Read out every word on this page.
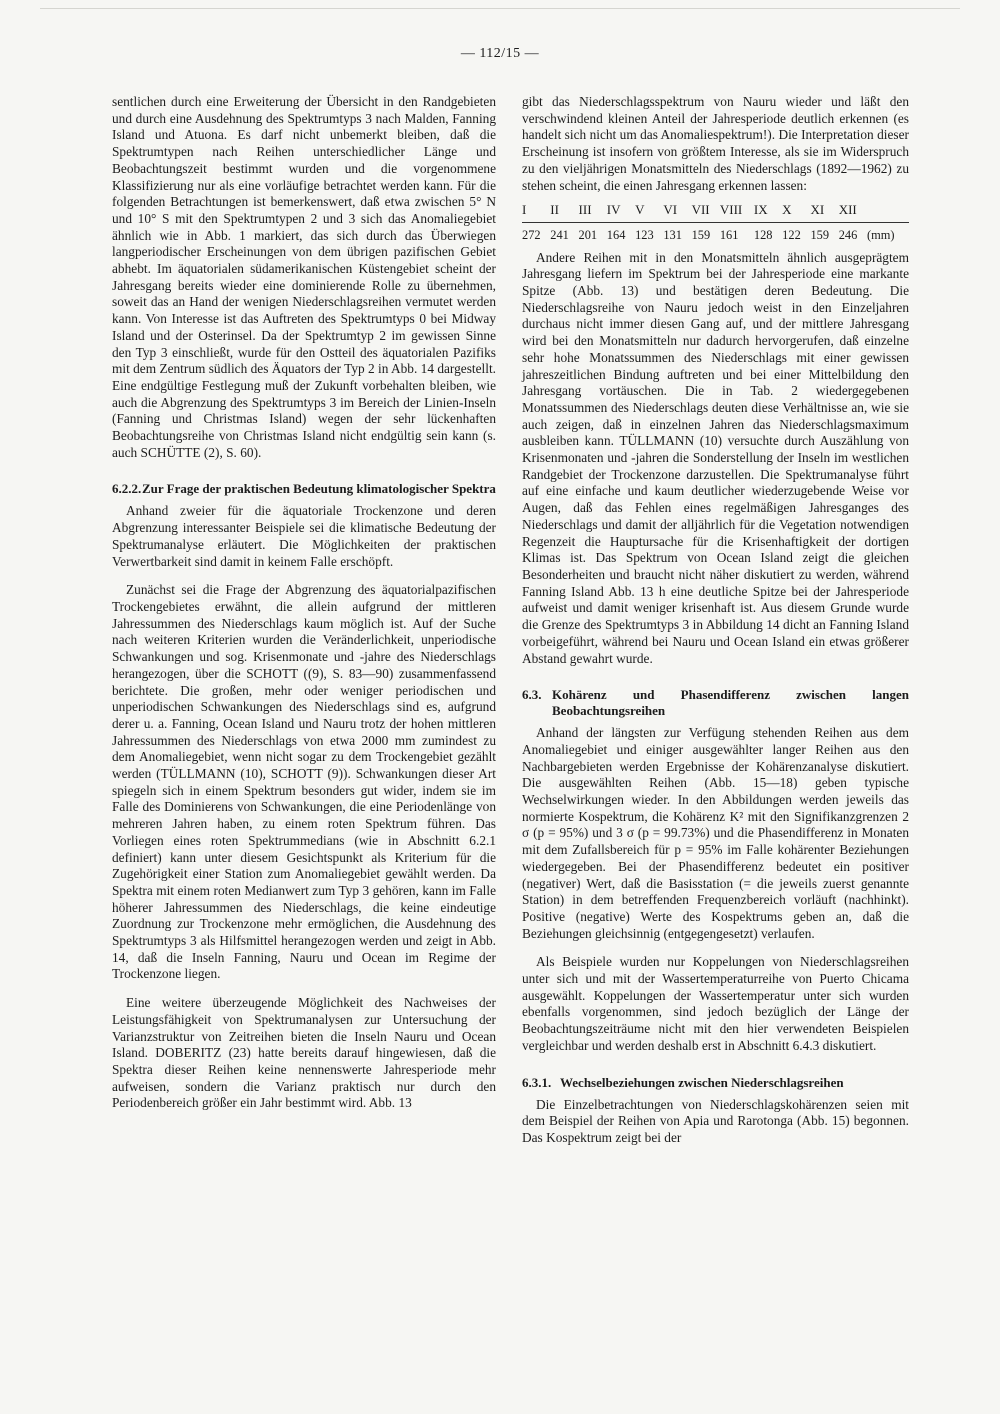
— 112/15 —

sentlichen durch eine Erweiterung der Übersicht in den Randgebieten und durch eine Ausdehnung des Spektrumtyps 3 nach Malden, Fanning Island und Atuona. Es darf nicht unbemerkt bleiben, daß die Spektrumtypen nach Reihen unterschiedlicher Länge und Beobachtungszeit bestimmt wurden und die vorgenommene Klassifizierung nur als eine vorläufige betrachtet werden kann. Für die folgenden Betrachtungen ist bemerkenswert, daß etwa zwischen 5° N und 10° S mit den Spektrumtypen 2 und 3 sich das Anomaliegebiet ähnlich wie in Abb. 1 markiert, das sich durch das Überwiegen langperiodischer Erscheinungen von dem übrigen pazifischen Gebiet abhebt. Im äquatorialen südamerikanischen Küstengebiet scheint der Jahresgang bereits wieder eine dominierende Rolle zu übernehmen, soweit das an Hand der wenigen Niederschlagsreihen vermutet werden kann. Von Interesse ist das Auftreten des Spektrumtyps 0 bei Midway Island und der Osterinsel. Da der Spektrumtyp 2 im gewissen Sinne den Typ 3 einschließt, wurde für den Ostteil des äquatorialen Pazifiks mit dem Zentrum südlich des Äquators der Typ 2 in Abb. 14 dargestellt. Eine endgültige Festlegung muß der Zukunft vorbehalten bleiben, wie auch die Abgrenzung des Spektrumtyps 3 im Bereich der Linien-Inseln (Fanning und Christmas Island) wegen der sehr lückenhaften Beobachtungsreihe von Christmas Island nicht endgültig sein kann (s. auch SCHÜTTE (2), S. 60).

6.2.2. Zur Frage der praktischen Bedeutung klimatologischer Spektra

Anhand zweier für die äquatoriale Trockenzone und deren Abgrenzung interessanter Beispiele sei die klimatische Bedeutung der Spektrumanalyse erläutert. Die Möglichkeiten der praktischen Verwertbarkeit sind damit in keinem Falle erschöpft.

Zunächst sei die Frage der Abgrenzung des äquatorialpazifischen Trockengebietes erwähnt, die allein aufgrund der mittleren Jahressummen des Niederschlags kaum möglich ist. Auf der Suche nach weiteren Kriterien wurden die Veränderlichkeit, unperiodische Schwankungen und sog. Krisenmonate und -jahre des Niederschlags herangezogen, über die SCHOTT ((9), S. 83—90) zusammenfassend berichtete. Die großen, mehr oder weniger periodischen und unperiodischen Schwankungen des Niederschlags sind es, aufgrund derer u. a. Fanning, Ocean Island und Nauru trotz der hohen mittleren Jahressummen des Niederschlags von etwa 2000 mm zumindest zu dem Anomaliegebiet, wenn nicht sogar zu dem Trockengebiet gezählt werden (TÜLLMANN (10), SCHOTT (9)). Schwankungen dieser Art spiegeln sich in einem Spektrum besonders gut wider, indem sie im Falle des Dominierens von Schwankungen, die eine Periodenlänge von mehreren Jahren haben, zu einem roten Spektrum führen. Das Vorliegen eines roten Spektrummedians (wie in Abschnitt 6.2.1 definiert) kann unter diesem Gesichtspunkt als Kriterium für die Zugehörigkeit einer Station zum Anomaliegebiet gewählt werden. Da Spektra mit einem roten Medianwert zum Typ 3 gehören, kann im Falle höherer Jahressummen des Niederschlags, die keine eindeutige Zuordnung zur Trockenzone mehr ermöglichen, die Ausdehnung des Spektrumtyps 3 als Hilfsmittel herangezogen werden und zeigt in Abb. 14, daß die Inseln Fanning, Nauru und Ocean im Regime der Trockenzone liegen.

Eine weitere überzeugende Möglichkeit des Nachweises der Leistungsfähigkeit von Spektrumanalysen zur Untersuchung der Varianzstruktur von Zeitreihen bieten die Inseln Nauru und Ocean Island. DOBERITZ (23) hatte bereits darauf hingewiesen, daß die Spektra dieser Reihen keine nennenswerte Jahresperiode mehr aufweisen, sondern die Varianz praktisch nur durch den Periodenbereich größer ein Jahr bestimmt wird. Abb. 13

gibt das Niederschlagsspektrum von Nauru wieder und läßt den verschwindend kleinen Anteil der Jahresperiode deutlich erkennen (es handelt sich nicht um das Anomaliespektrum!). Die Interpretation dieser Erscheinung ist insofern von größtem Interesse, als sie im Widerspruch zu den vieljährigen Monatsmitteln des Niederschlags (1892—1962) zu stehen scheint, die einen Jahresgang erkennen lassen:

I	II	III	IV	V	VI	VII	VIII	IX	X	XI	XII	
272	241	201	164	123	131	159	161	128	122	159	246	(mm)

Andere Reihen mit in den Monatsmitteln ähnlich ausgeprägtem Jahresgang liefern im Spektrum bei der Jahresperiode eine markante Spitze (Abb. 13) und bestätigen deren Bedeutung. Die Niederschlagsreihe von Nauru jedoch weist in den Einzeljahren durchaus nicht immer diesen Gang auf, und der mittlere Jahresgang wird bei den Monatsmitteln nur dadurch hervorgerufen, daß einzelne sehr hohe Monatssummen des Niederschlags mit einer gewissen jahreszeitlichen Bindung auftreten und bei einer Mittelbildung den Jahresgang vortäuschen. Die in Tab. 2 wiedergegebenen Monatssummen des Niederschlags deuten diese Verhältnisse an, wie sie auch zeigen, daß in einzelnen Jahren das Niederschlagsmaximum ausbleiben kann. TÜLLMANN (10) versuchte durch Auszählung von Krisenmonaten und -jahren die Sonderstellung der Inseln im westlichen Randgebiet der Trockenzone darzustellen. Die Spektrumanalyse führt auf eine einfache und kaum deutlicher wiederzugebende Weise vor Augen, daß das Fehlen eines regelmäßigen Jahresganges des Niederschlags und damit der alljährlich für die Vegetation notwendigen Regenzeit die Hauptursache für die Krisenhaftigkeit der dortigen Klimas ist. Das Spektrum von Ocean Island zeigt die gleichen Besonderheiten und braucht nicht näher diskutiert zu werden, während Fanning Island Abb. 13 h eine deutliche Spitze bei der Jahresperiode aufweist und damit weniger krisenhaft ist. Aus diesem Grunde wurde die Grenze des Spektrumtyps 3 in Abbildung 14 dicht an Fanning Island vorbeigeführt, während bei Nauru und Ocean Island ein etwas größerer Abstand gewahrt wurde.

6.3. Kohärenz und Phasendifferenz zwischen langen Beobachtungsreihen

Anhand der längsten zur Verfügung stehenden Reihen aus dem Anomaliegebiet und einiger ausgewählter langer Reihen aus den Nachbargebieten werden Ergebnisse der Kohärenzanalyse diskutiert. Die ausgewählten Reihen (Abb. 15—18) geben typische Wechselwirkungen wieder. In den Abbildungen werden jeweils das normierte Kospektrum, die Kohärenz K² mit den Signifikanzgrenzen 2 σ (p = 95%) und 3 σ (p = 99.73%) und die Phasendifferenz in Monaten mit dem Zufallsbereich für p = 95% im Falle kohärenter Beziehungen wiedergegeben. Bei der Phasendifferenz bedeutet ein positiver (negativer) Wert, daß die Basisstation (= die jeweils zuerst genannte Station) in dem betreffenden Frequenzbereich vorläuft (nachhinkt). Positive (negative) Werte des Kospektrums geben an, daß die Beziehungen gleichsinnig (entgegengesetzt) verlaufen.

Als Beispiele wurden nur Koppelungen von Niederschlagsreihen unter sich und mit der Wassertemperaturreihe von Puerto Chicama ausgewählt. Koppelungen der Wassertemperatur unter sich wurden ebenfalls vorgenommen, sind jedoch bezüglich der Länge der Beobachtungszeiträume nicht mit den hier verwendeten Beispielen vergleichbar und werden deshalb erst in Abschnitt 6.4.3 diskutiert.

6.3.1. Wechselbeziehungen zwischen Niederschlagsreihen

Die Einzelbetrachtungen von Niederschlagskohärenzen seien mit dem Beispiel der Reihen von Apia und Rarotonga (Abb. 15) begonnen. Das Kospektrum zeigt bei der
